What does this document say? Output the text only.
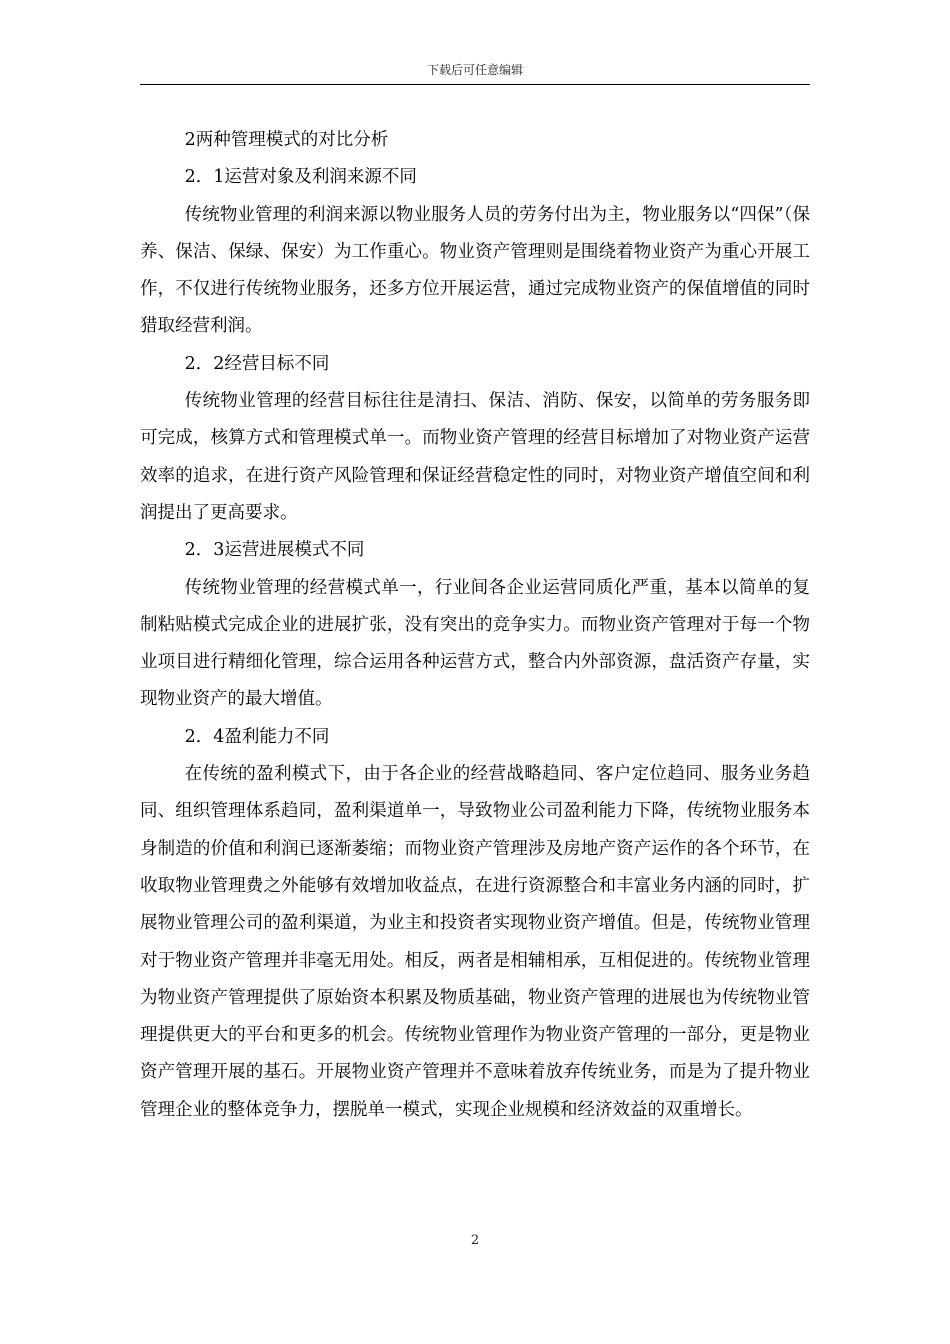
下载后可任意编辑

2两种管理模式的对比分析

2．1运营对象及利润来源不同

传统物业管理的利润来源以物业服务人员的劳务付出为主，物业服务以“四保”（保养、保洁、保绿、保安）为工作重心。物业资产管理则是围绕着物业资产为重心开展工作，不仅进行传统物业服务，还多方位开展运营，通过完成物业资产的保值增值的同时猎取经营利润。

2．2经营目标不同

传统物业管理的经营目标往往是清扫、保洁、消防、保安，以简单的劳务服务即可完成，核算方式和管理模式单一。而物业资产管理的经营目标增加了对物业资产运营效率的追求，在进行资产风险管理和保证经营稳定性的同时，对物业资产增值空间和利润提出了更高要求。

2．3运营进展模式不同

传统物业管理的经营模式单一，行业间各企业运营同质化严重，基本以简单的复制粘贴模式完成企业的进展扩张，没有突出的竞争实力。而物业资产管理对于每一个物业项目进行精细化管理，综合运用各种运营方式，整合内外部资源，盘活资产存量，实现物业资产的最大增值。

2．4盈利能力不同

在传统的盈利模式下，由于各企业的经营战略趋同、客户定位趋同、服务业务趋同、组织管理体系趋同，盈利渠道单一，导致物业公司盈利能力下降，传统物业服务本身制造的价值和利润已逐渐萎缩；而物业资产管理涉及房地产资产运作的各个环节，在收取物业管理费之外能够有效增加收益点，在进行资源整合和丰富业务内涵的同时，扩展物业管理公司的盈利渠道，为业主和投资者实现物业资产增值。但是，传统物业管理对于物业资产管理并非毫无用处。相反，两者是相辅相承，互相促进的。传统物业管理为物业资产管理提供了原始资本积累及物质基础，物业资产管理的进展也为传统物业管理提供更大的平台和更多的机会。传统物业管理作为物业资产管理的一部分，更是物业资产管理开展的基石。开展物业资产管理并不意味着放弃传统业务，而是为了提升物业管理企业的整体竞争力，摆脱单一模式，实现企业规模和经济效益的双重增长。

2
